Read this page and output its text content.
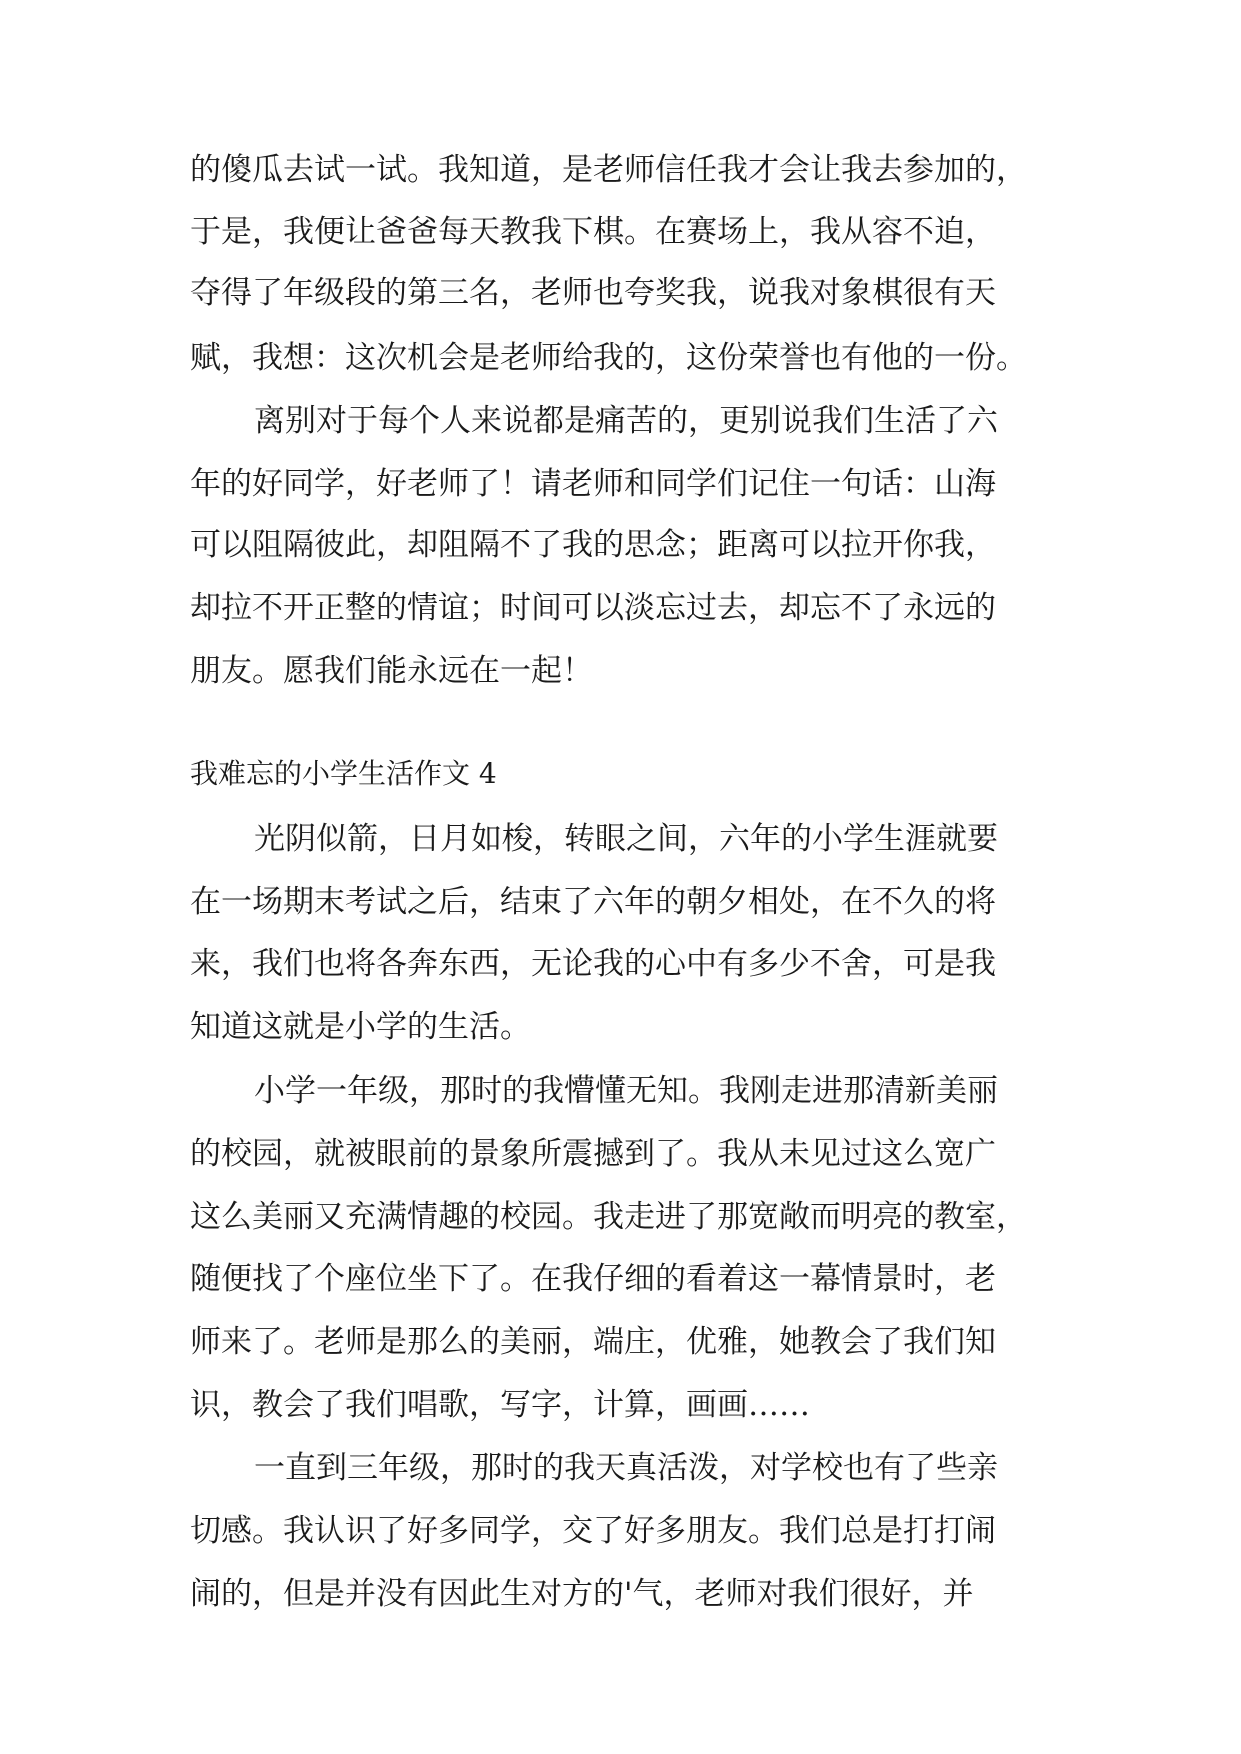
的傻瓜去试一试。我知道，是老师信任我才会让我去参加的，

于是，我便让爸爸每天教我下棋。在赛场上，我从容不迫，

夺得了年级段的第三名，老师也夸奖我，说我对象棋很有天

赋，我想：这次机会是老师给我的，这份荣誉也有他的一份。

离别对于每个人来说都是痛苦的，更别说我们生活了六

年的好同学，好老师了！请老师和同学们记住一句话：山海

可以阻隔彼此，却阻隔不了我的思念；距离可以拉开你我，

却拉不开正整的情谊；时间可以淡忘过去，却忘不了永远的

朋友。愿我们能永远在一起！

我难忘的小学生活作文 4

光阴似箭，日月如梭，转眼之间，六年的小学生涯就要

在一场期末考试之后，结束了六年的朝夕相处，在不久的将

来，我们也将各奔东西，无论我的心中有多少不舍，可是我

知道这就是小学的生活。

小学一年级，那时的我懵懂无知。我刚走进那清新美丽

的校园，就被眼前的景象所震撼到了。我从未见过这么宽广

这么美丽又充满情趣的校园。我走进了那宽敞而明亮的教室，

随便找了个座位坐下了。在我仔细的看着这一幕情景时，老

师来了。老师是那么的美丽，端庄，优雅，她教会了我们知

识，教会了我们唱歌，写字，计算，画画……

一直到三年级，那时的我天真活泼，对学校也有了些亲

切感。我认识了好多同学，交了好多朋友。我们总是打打闹

闹的，但是并没有因此生对方的'气，老师对我们很好，并
